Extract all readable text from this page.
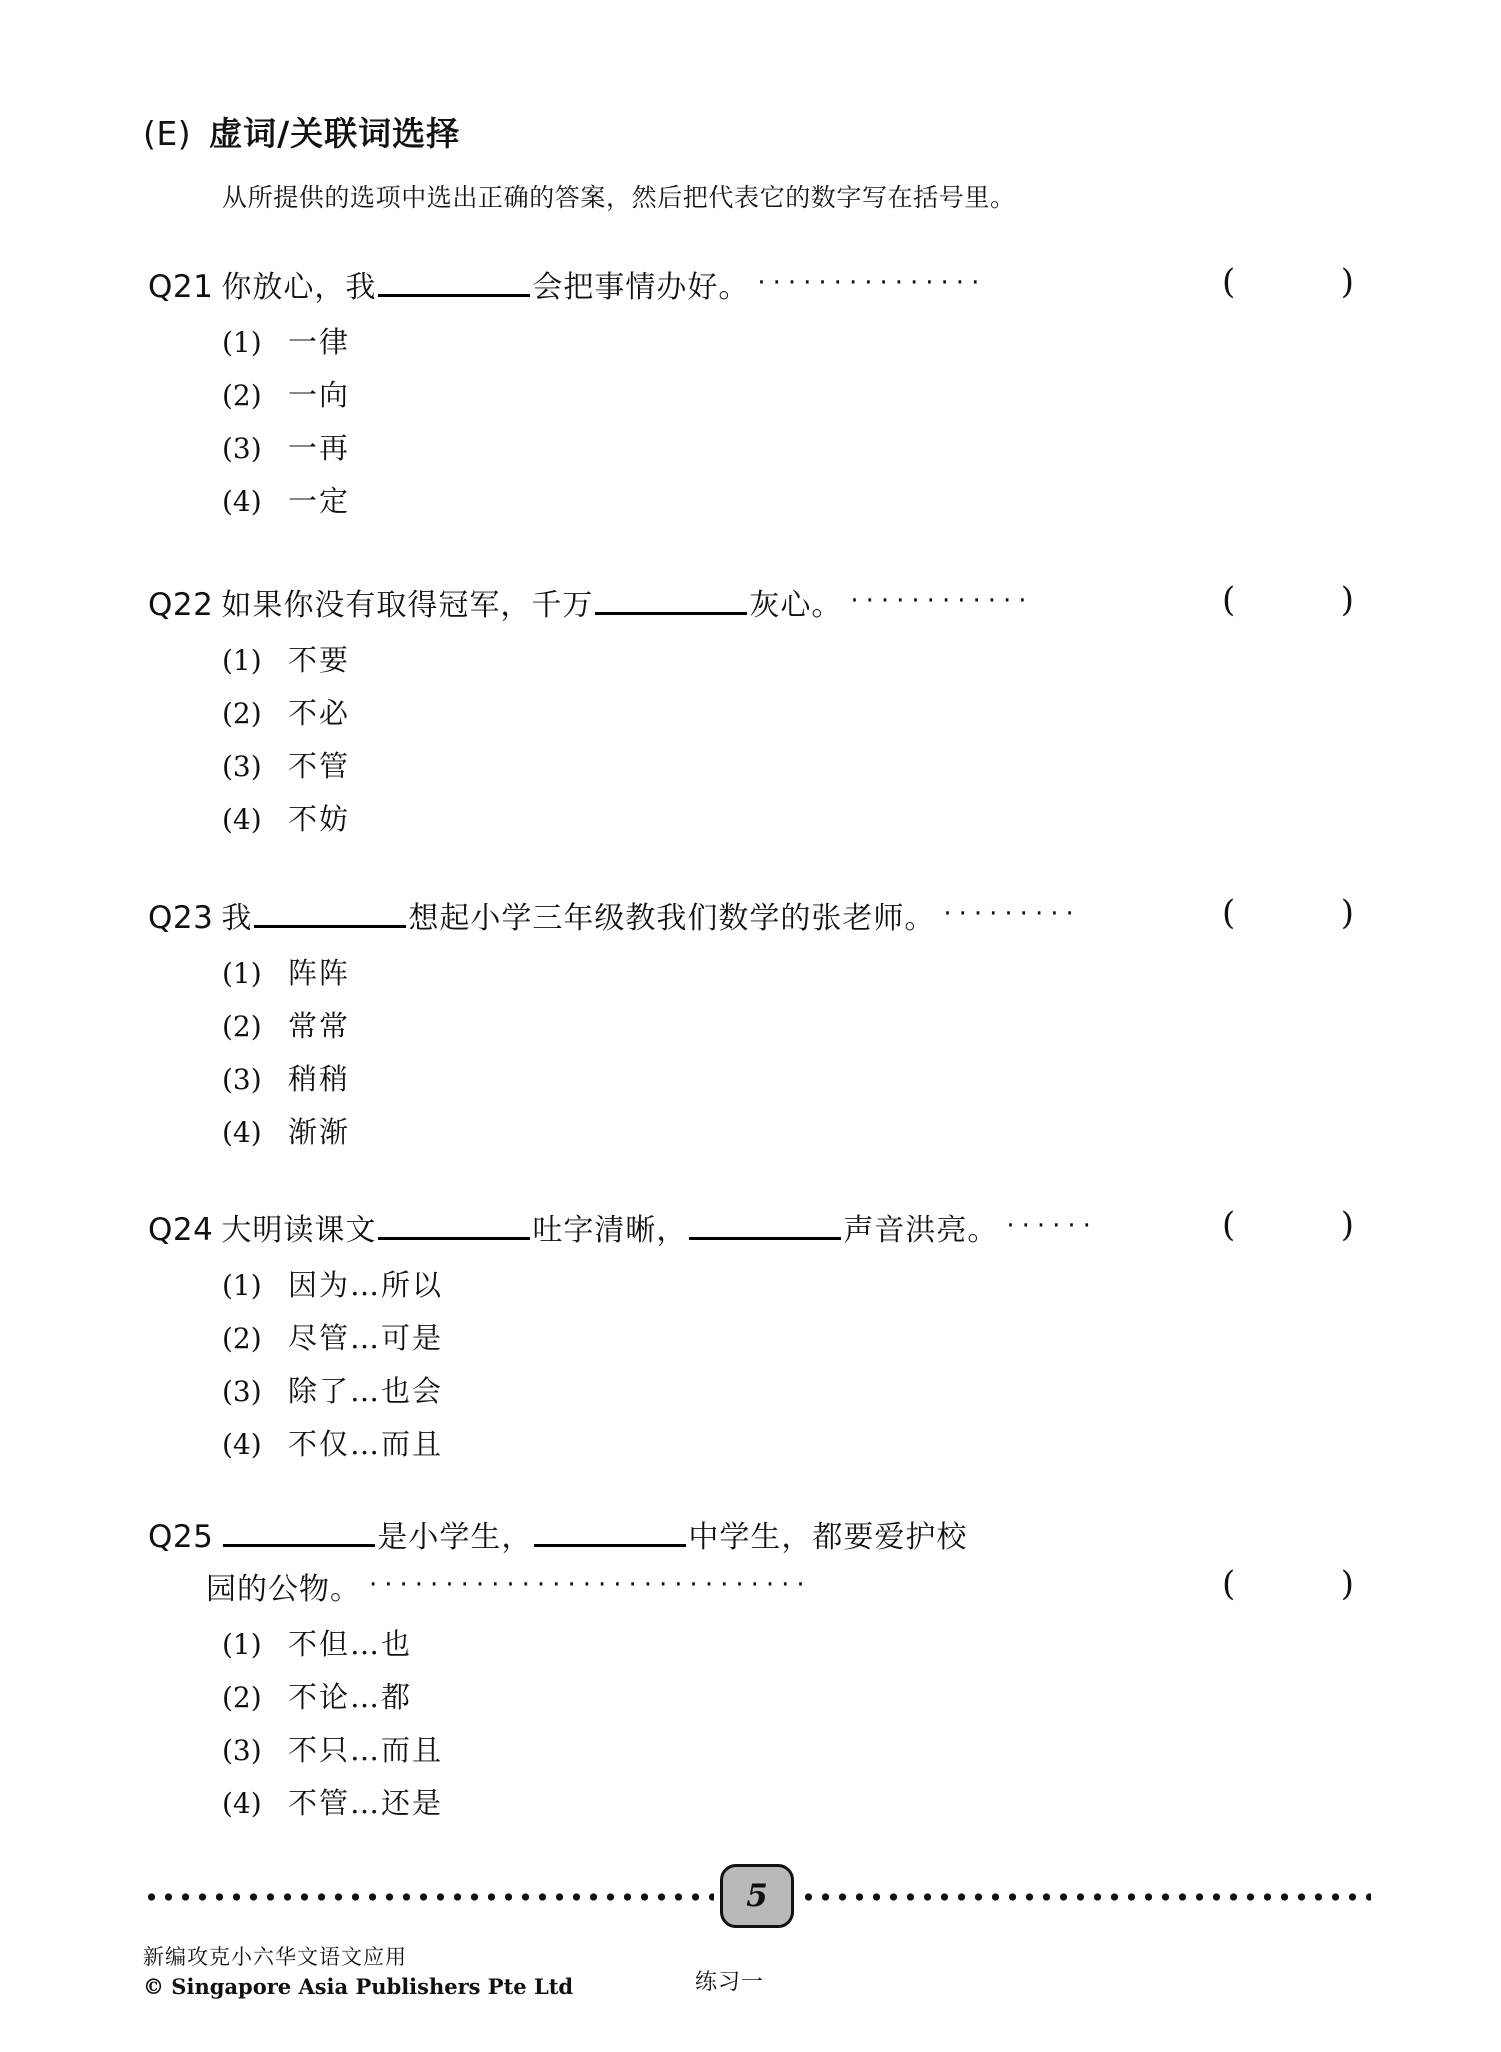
(E) 虚词/关联词选择
从所提供的选项中选出正确的答案，然后把代表它的数字写在括号里。
Q21 你放心，我	会把事情办好。 ···············	(	)
(1) 一律
(2) 一向
(3) 一再
(4) 一定
Q22 如果你没有取得冠军，千万	灰心。 ············	(	)
(1) 不要
(2) 不必
(3) 不管
(4) 不妨
Q23 我	想起小学三年级教我们数学的张老师。 ·········	(	)
(1) 阵阵
(2) 常常
(3) 稍稍
(4) 渐渐
Q24 大明读课文	吐字清晰，	声音洪亮。 ······	(	)
(1) 因为…所以
(2) 尽管…可是
(3) 除了…也会
(4) 不仅…而且
Q25	是小学生，	中学生，都要爱护校
园的公物。 ·····························	(	)
(1) 不但…也
(2) 不论…都
(3) 不只…而且
(4) 不管…还是
5
新编攻克小六华文语文应用
© Singapore Asia Publishers Pte Ltd	练习一
